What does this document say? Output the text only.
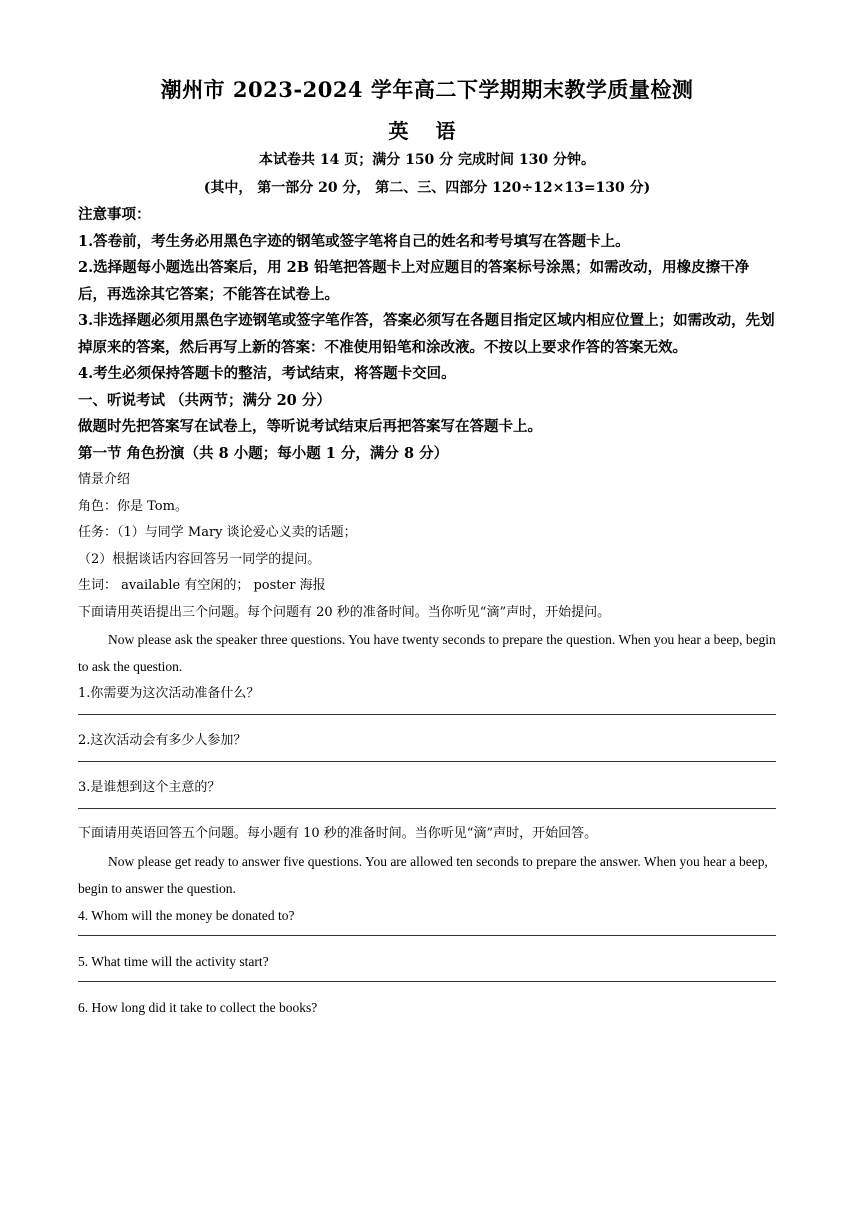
潮州市 2023-2024 学年高二下学期期末教学质量检测
英 语
本试卷共 14 页；满分 150 分 完成时间 130 分钟。
(其中， 第一部分 20 分， 第二、三、四部分 120÷12×13=130 分)
注意事项：
1.答卷前，考生务必用黑色字迹的钢笔或签字笔将自己的姓名和考号填写在答题卡上。
2.选择题每小题选出答案后，用 2B 铅笔把答题卡上对应题目的答案标号涂黑；如需改动，用橡皮擦干净后，再选涂其它答案；不能答在试卷上。
3.非选择题必须用黑色字迹钢笔或签字笔作答，答案必须写在各题目指定区域内相应位置上；如需改动，先划掉原来的答案，然后再写上新的答案：不准使用铅笔和涂改液。不按以上要求作答的答案无效。
4.考生必须保持答题卡的整洁，考试结束，将答题卡交回。
一、听说考试 （共两节；满分 20 分）
做题时先把答案写在试卷上，等听说考试结束后再把答案写在答题卡上。
第一节 角色扮演（共 8 小题；每小题 1 分，满分 8 分）
情景介绍
角色：你是 Tom。
任务：（1）与同学 Mary 谈论爱心义卖的话题；
（2）根据谈话内容回答另一同学的提问。
生词： available 有空闲的； poster 海报
下面请用英语提出三个问题。每个问题有 20 秒的准备时间。当你听见“滴”声时，开始提问。
Now please ask the speaker three questions. You have twenty seconds to prepare the question. When you hear a beep, begin to ask the question.
1.你需要为这次活动准备什么？
2.这次活动会有多少人参加？
3.是谁想到这个主意的？
下面请用英语回答五个问题。每小题有 10 秒的准备时间。当你听见“滴”声时，开始回答。
Now please get ready to answer five questions. You are allowed ten seconds to prepare the answer. When you hear a beep, begin to answer the question.
4. Whom will the money be donated to?
5. What time will the activity start?
6. How long did it take to collect the books?
